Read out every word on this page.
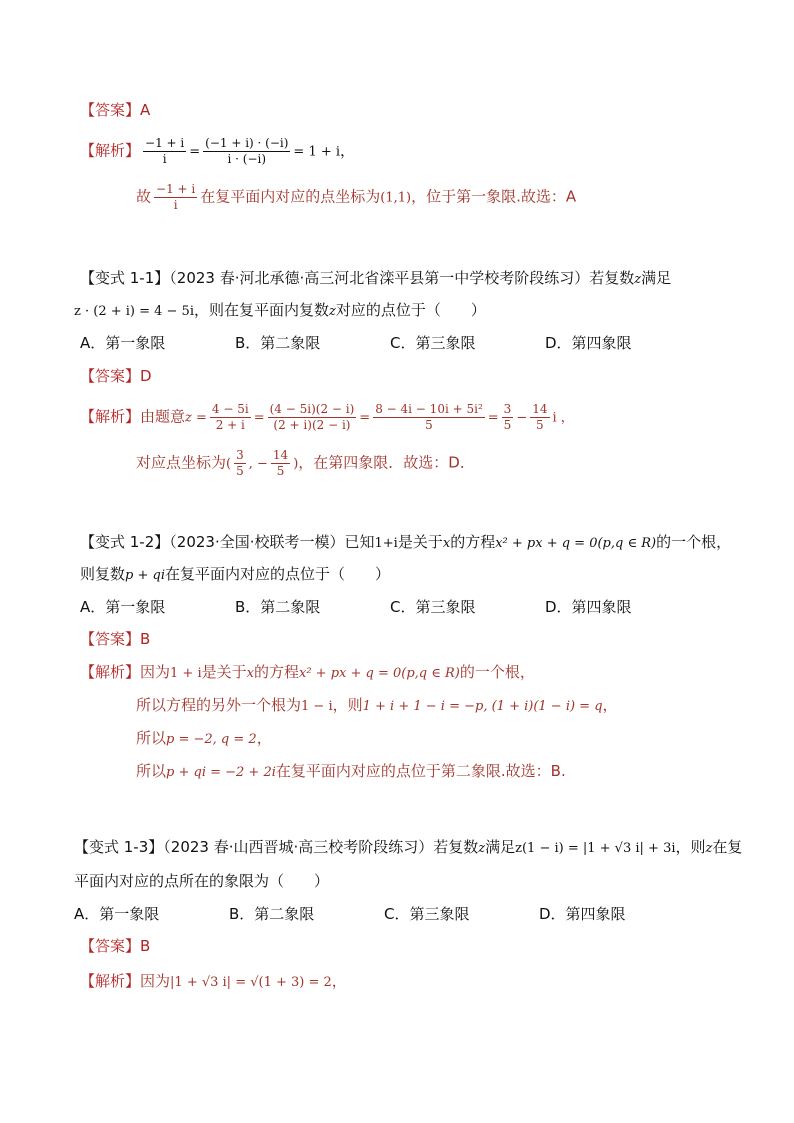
【答案】A
【解析】 $\frac{-1 + i}{i} = \frac{(-1 + i) \cdot (-i)}{i \cdot (-i)} = 1 + i$，
故 $\frac{-1 + i}{i}$ 在复平面内对应的点坐标为(1,1)，位于第一象限.故选：A
【变式 1-1】（2023 春·河北承德·高三河北省滦平县第一中学校考阶段练习）若复数z满足
z · (2 + i) = 4 − 5i，则在复平面内复数z对应的点位于（　　）
A．第一象限	B．第二象限	C．第三象限	D．第四象限
【答案】D
【解析】由题意$z = \frac{4 - 5i}{2 + i} = \frac{(4 - 5i)(2 - i)}{(2 + i)(2 - i)} = \frac{\text{8 − 4i − 10i + 5i²}}{5} = \frac{3}{5} - \frac{14}{5}$ i ，
对应点坐标为( $\frac{3}{5}$ , − $\frac{14}{5}$ )，在第四象限．故选：D．
【变式 1-2】（2023·全国·校联考一模）已知1+i是关于x的方程x² + px + q = 0(p,q ∈ R)的一个根，
则复数p + qi在复平面内对应的点位于（　　）
A．第一象限	B．第二象限	C．第三象限	D．第四象限
【答案】B
【解析】因为1 + i是关于x的方程x² + px + q = 0(p,q ∈ R)的一个根，
所以方程的另外一个根为1 − i，则1 + i + 1 − i = −p, (1 + i)(1 − i) = q，
所以p = −2, q = 2，
所以p + qi = −2 + 2i在复平面内对应的点位于第二象限.故选：B.
【变式 1-3】（2023 春·山西晋城·高三校考阶段练习）若复数z满足z(1 − i) = |1 + √3 i| + 3i，则z在复
平面内对应的点所在的象限为（　　）
A．第一象限	B．第二象限	C．第三象限	D．第四象限
【答案】B
【解析】因为|1 + √3 i| = √(1 + 3) = 2，
